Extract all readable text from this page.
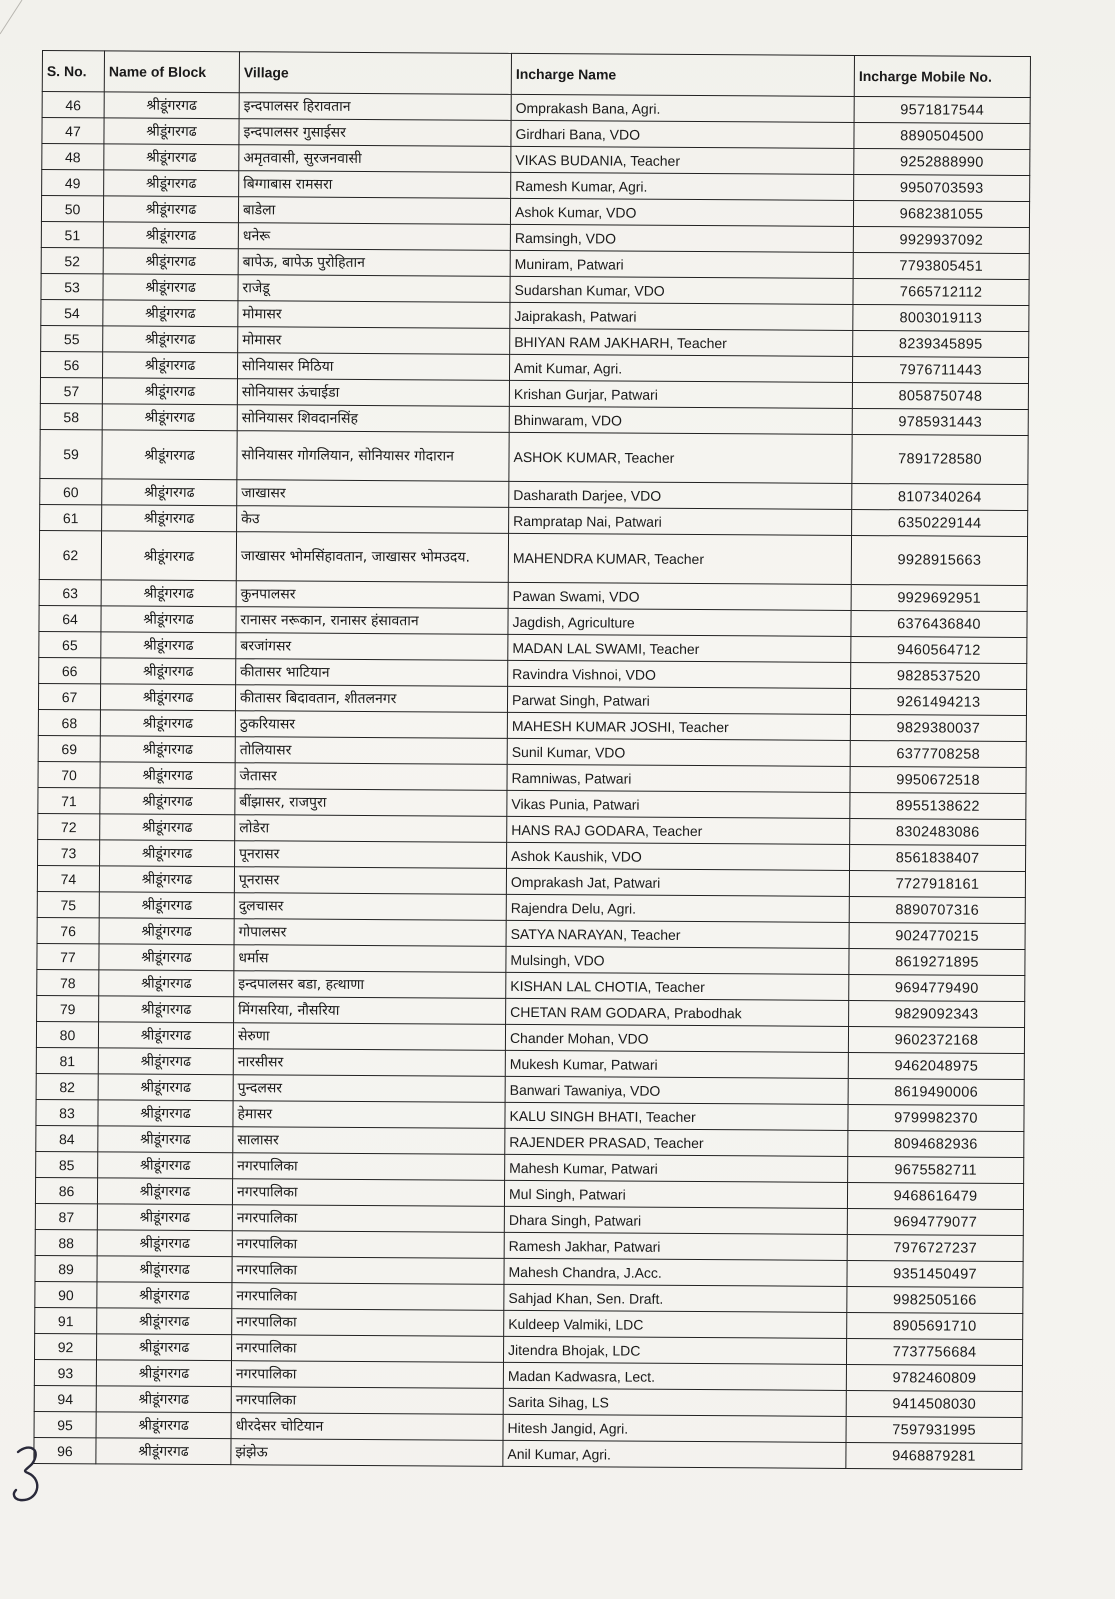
S. No.	Name of Block	Village	Incharge Name	Incharge Mobile No.
46	श्रीडूंगरगढ	इन्दपालसर हिरावतान	Omprakash Bana, Agri.	9571817544
47	श्रीडूंगरगढ	इन्दपालसर गुसाईसर	Girdhari Bana, VDO	8890504500
48	श्रीडूंगरगढ	अमृतवासी, सुरजनवासी	VIKAS BUDANIA, Teacher	9252888990
49	श्रीडूंगरगढ	बिग्गाबास रामसरा	Ramesh Kumar, Agri.	9950703593
50	श्रीडूंगरगढ	बाडेला	Ashok Kumar, VDO	9682381055
51	श्रीडूंगरगढ	धनेरू	Ramsingh, VDO	9929937092
52	श्रीडूंगरगढ	बापेऊ, बापेऊ पुरोहितान	Muniram, Patwari	7793805451
53	श्रीडूंगरगढ	राजेडू	Sudarshan Kumar, VDO	7665712112
54	श्रीडूंगरगढ	मोमासर	Jaiprakash, Patwari	8003019113
55	श्रीडूंगरगढ	मोमासर	BHIYAN RAM JAKHARH, Teacher	8239345895
56	श्रीडूंगरगढ	सोनियासर मिठिया	Amit Kumar, Agri.	7976711443
57	श्रीडूंगरगढ	सोनियासर ऊंचाईडा	Krishan Gurjar, Patwari	8058750748
58	श्रीडूंगरगढ	सोनियासर शिवदानसिंह	Bhinwaram, VDO	9785931443
59	श्रीडूंगरगढ	सोनियासर गोगलियान, सोनियासर गोदारान	ASHOK KUMAR, Teacher	7891728580
60	श्रीडूंगरगढ	जाखासर	Dasharath Darjee, VDO	8107340264
61	श्रीडूंगरगढ	केउ	Rampratap Nai, Patwari	6350229144
62	श्रीडूंगरगढ	जाखासर भोमसिंहावतान, जाखासर भोमउदय.	MAHENDRA KUMAR, Teacher	9928915663
63	श्रीडूंगरगढ	कुनपालसर	Pawan Swami, VDO	9929692951
64	श्रीडूंगरगढ	रानासर नरूकान, रानासर हंसावतान	Jagdish, Agriculture	6376436840
65	श्रीडूंगरगढ	बरजांगसर	MADAN LAL SWAMI, Teacher	9460564712
66	श्रीडूंगरगढ	कीतासर भाटियान	Ravindra Vishnoi, VDO	9828537520
67	श्रीडूंगरगढ	कीतासर बिदावतान, शीतलनगर	Parwat Singh, Patwari	9261494213
68	श्रीडूंगरगढ	ठुकरियासर	MAHESH KUMAR JOSHI, Teacher	9829380037
69	श्रीडूंगरगढ	तोलियासर	Sunil Kumar, VDO	6377708258
70	श्रीडूंगरगढ	जेतासर	Ramniwas, Patwari	9950672518
71	श्रीडूंगरगढ	बींझासर, राजपुरा	Vikas Punia, Patwari	8955138622
72	श्रीडूंगरगढ	लोडेरा	HANS RAJ GODARA, Teacher	8302483086
73	श्रीडूंगरगढ	पूनरासर	Ashok Kaushik, VDO	8561838407
74	श्रीडूंगरगढ	पूनरासर	Omprakash Jat, Patwari	7727918161
75	श्रीडूंगरगढ	दुलचासर	Rajendra Delu, Agri.	8890707316
76	श्रीडूंगरगढ	गोपालसर	SATYA NARAYAN, Teacher	9024770215
77	श्रीडूंगरगढ	धर्मास	Mulsingh, VDO	8619271895
78	श्रीडूंगरगढ	इन्दपालसर बडा, हत्थाणा	KISHAN LAL CHOTIA, Teacher	9694779490
79	श्रीडूंगरगढ	मिंगसरिया, नौसरिया	CHETAN RAM GODARA, Prabodhak	9829092343
80	श्रीडूंगरगढ	सेरुणा	Chander Mohan, VDO	9602372168
81	श्रीडूंगरगढ	नारसीसर	Mukesh Kumar, Patwari	9462048975
82	श्रीडूंगरगढ	पुन्दलसर	Banwari Tawaniya, VDO	8619490006
83	श्रीडूंगरगढ	हेमासर	KALU SINGH BHATI, Teacher	9799982370
84	श्रीडूंगरगढ	सालासर	RAJENDER PRASAD, Teacher	8094682936
85	श्रीडूंगरगढ	नगरपालिका	Mahesh Kumar, Patwari	9675582711
86	श्रीडूंगरगढ	नगरपालिका	Mul Singh, Patwari	9468616479
87	श्रीडूंगरगढ	नगरपालिका	Dhara Singh, Patwari	9694779077
88	श्रीडूंगरगढ	नगरपालिका	Ramesh Jakhar, Patwari	7976727237
89	श्रीडूंगरगढ	नगरपालिका	Mahesh Chandra, J.Acc.	9351450497
90	श्रीडूंगरगढ	नगरपालिका	Sahjad Khan, Sen. Draft.	9982505166
91	श्रीडूंगरगढ	नगरपालिका	Kuldeep Valmiki, LDC	8905691710
92	श्रीडूंगरगढ	नगरपालिका	Jitendra Bhojak, LDC	7737756684
93	श्रीडूंगरगढ	नगरपालिका	Madan Kadwasra, Lect.	9782460809
94	श्रीडूंगरगढ	नगरपालिका	Sarita Sihag, LS	9414508030
95	श्रीडूंगरगढ	धीरदेसर चोटियान	Hitesh Jangid, Agri.	7597931995
96	श्रीडूंगरगढ	झंझेऊ	Anil Kumar, Agri.	9468879281
